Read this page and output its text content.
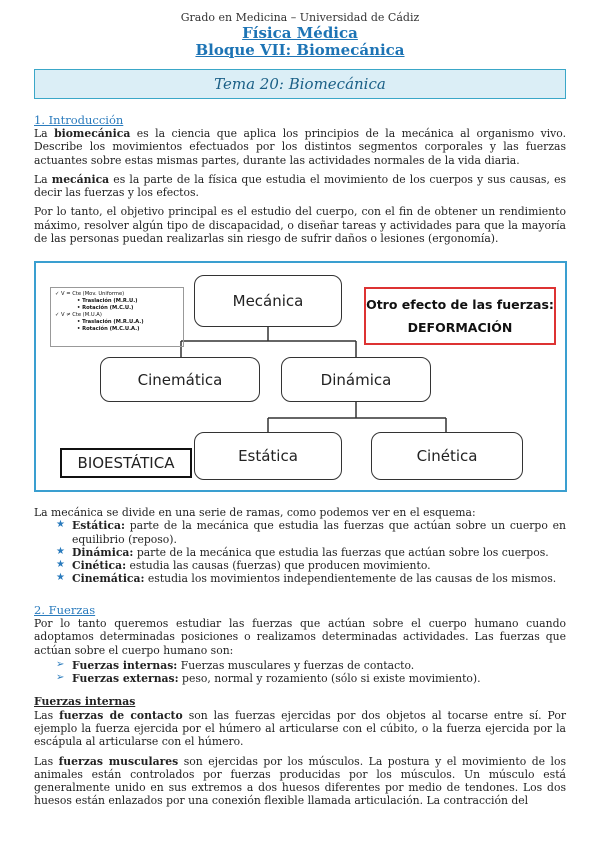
Grado en Medicina – Universidad de Cádiz
Física Médica
Bloque VII: Biomecánica
Tema 20: Biomecánica
1. Introducción

La biomecánica es la ciencia que aplica los principios de la mecánica al organismo vivo. Describe los movimientos efectuados por los distintos segmentos corporales y las fuerzas actuantes sobre estas mismas partes, durante las actividades normales de la vida diaria.

La mecánica es la parte de la física que estudia el movimiento de los cuerpos y sus causas, es decir las fuerzas y los efectos.

Por lo tanto, el objetivo principal es el estudio del cuerpo, con el fin de obtener un rendimiento máximo, resolver algún tipo de discapacidad, o diseñar tareas y actividades para que la mayoría de las personas puedan realizarlas sin riesgo de sufrir daños o lesiones (ergonomía).

✓ V = Cte (Mov. Uniforme)
• Traslación (M.R.U.)
• Rotación (M.C.U.)
✓ V ≠ Cte (M.U.A)
• Traslación (M.R.U.A.)
• Rotación (M.C.U.A.)
Mecánica	Otro efecto de las fuerzas:
DEFORMACIÓN
Cinemática	Dinámica
BIOESTÁTICA	Estática	Cinética
La mecánica se divide en una serie de ramas, como podemos ver en el esquema:
★ Estática: parte de la mecánica que estudia las fuerzas que actúan sobre un cuerpo en equilibrio (reposo).
★ Dinámica: parte de la mecánica que estudia las fuerzas que actúan sobre los cuerpos.
★ Cinética: estudia las causas (fuerzas) que producen movimiento.
★ Cinemática: estudia los movimientos independientemente de las causas de los mismos.
2. Fuerzas

Por lo tanto queremos estudiar las fuerzas que actúan sobre el cuerpo humano cuando adoptamos determinadas posiciones o realizamos determinadas actividades. Las fuerzas que actúan sobre el cuerpo humano son:

➢ Fuerzas internas: Fuerzas musculares y fuerzas de contacto.
➢ Fuerzas externas: peso, normal y rozamiento (sólo si existe movimiento).
Fuerzas internas

Las fuerzas de contacto son las fuerzas ejercidas por dos objetos al tocarse entre sí. Por ejemplo la fuerza ejercida por el húmero al articularse con el cúbito, o la fuerza ejercida por la escápula al articularse con el húmero.

Las fuerzas musculares son ejercidas por los músculos. La postura y el movimiento de los animales están controlados por fuerzas producidas por los músculos. Un músculo está generalmente unido en sus extremos a dos huesos diferentes por medio de tendones. Los dos huesos están enlazados por una conexión flexible llamada articulación. La contracción del
